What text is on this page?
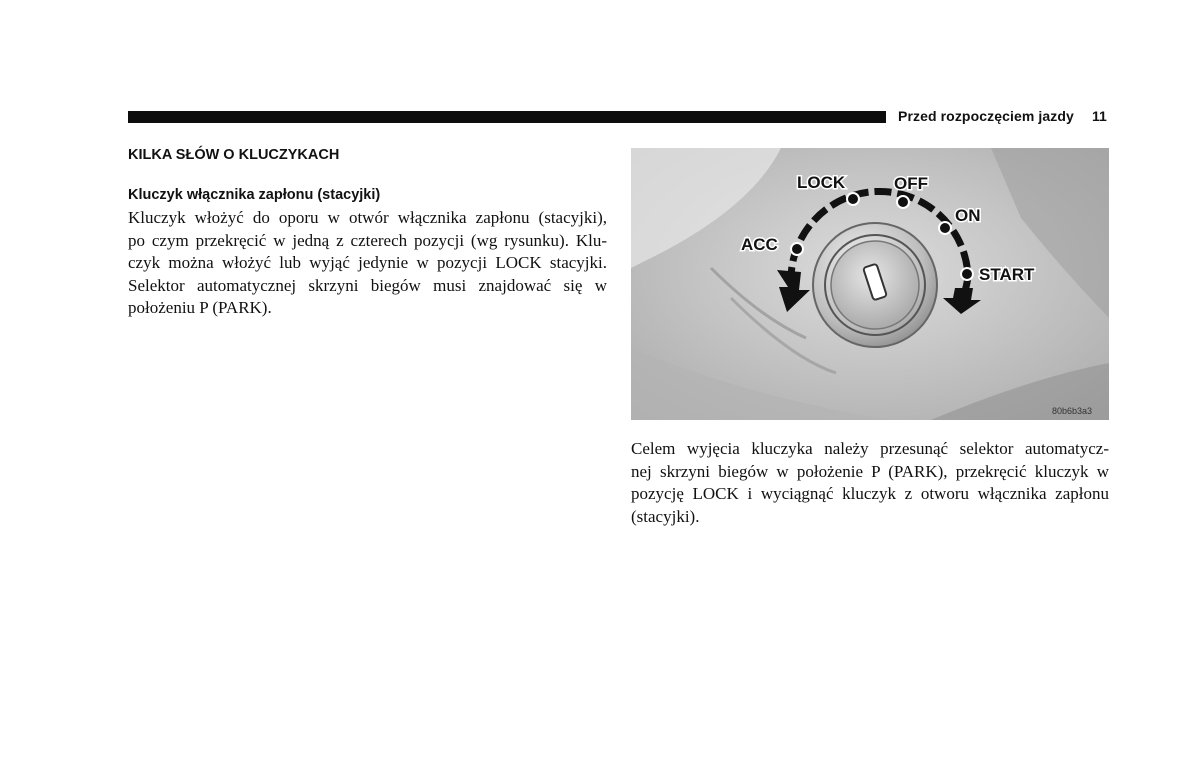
Przed rozpoczęciem jazdy 11
KILKA SŁÓW O KLUCZYKACH
Kluczyk włącznika zapłonu (stacyjki)
Kluczyk włożyć do oporu w otwór włącznika zapłonu (stacyjki),
po czym przekręcić w jedną z czterech pozycji (wg rysunku). Klu-
czyk można włożyć lub wyjąć jedynie w pozycji LOCK stacyjki.
Selektor automatycznej skrzyni biegów musi znajdować się w
położeniu P (PARK).
LOCK	OFF
ON
ACC
START
80b6b3a3
Celem wyjęcia kluczyka należy przesunąć selektor automatycz-
nej skrzyni biegów w położenie P (PARK), przekręcić kluczyk w
pozycję LOCK i wyciągnąć kluczyk z otworu włącznika zapłonu
(stacyjki).
